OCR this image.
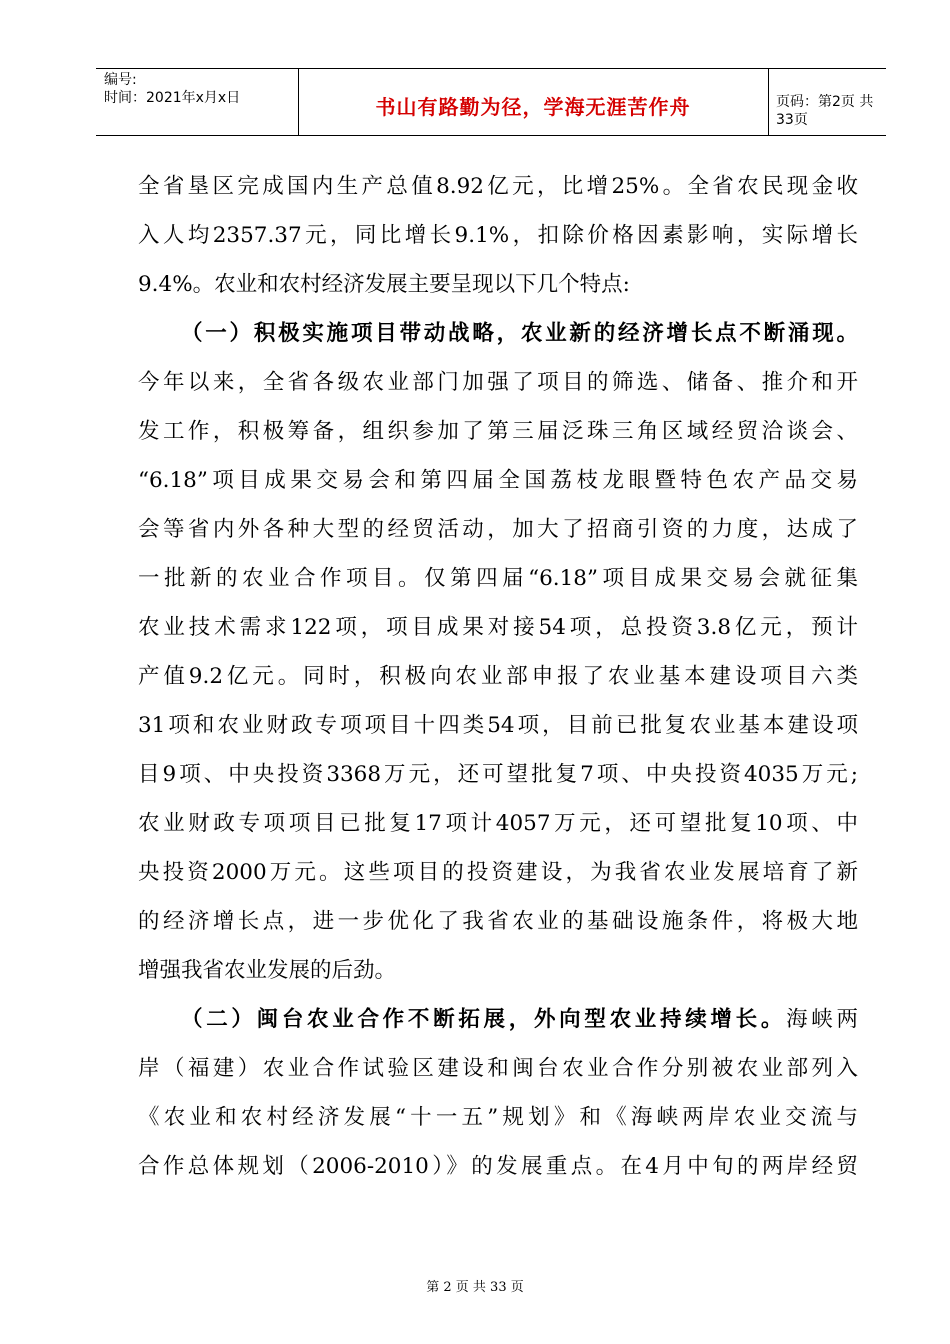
编号:
时间：2021年x月x日	书山有路勤为径，学海无涯苦作舟	页码：第2页 共33页
全省垦区完成国内生产总值8.92亿元，比增25%。全省农民现金收
入人均2357.37元，同比增长9.1%，扣除价格因素影响，实际增长
9.4%。农业和农村经济发展主要呈现以下几个特点:
（一）积极实施项目带动战略，农业新的经济增长点不断涌现。
今年以来，全省各级农业部门加强了项目的筛选、储备、推介和开
发工作，积极筹备，组织参加了第三届泛珠三角区域经贸洽谈会、
“6.18”项目成果交易会和第四届全国荔枝龙眼暨特色农产品交易
会等省内外各种大型的经贸活动，加大了招商引资的力度，达成了
一批新的农业合作项目。仅第四届“6.18”项目成果交易会就征集
农业技术需求122项，项目成果对接54项，总投资3.8亿元，预计
产值9.2亿元。同时，积极向农业部申报了农业基本建设项目六类
31项和农业财政专项项目十四类54项，目前已批复农业基本建设项
目9项、中央投资3368万元，还可望批复7项、中央投资4035万元;
农业财政专项项目已批复17项计4057万元，还可望批复10项、中
央投资2000万元。这些项目的投资建设，为我省农业发展培育了新
的经济增长点，进一步优化了我省农业的基础设施条件，将极大地
增强我省农业发展的后劲。
（二）闽台农业合作不断拓展，外向型农业持续增长。海峡两
岸（福建）农业合作试验区建设和闽台农业合作分别被农业部列入
《农业和农村经济发展“十一五”规划》和《海峡两岸农业交流与
合作总体规划（2006-2010）》的发展重点。在4月中旬的两岸经贸
第 2 页 共 33 页
